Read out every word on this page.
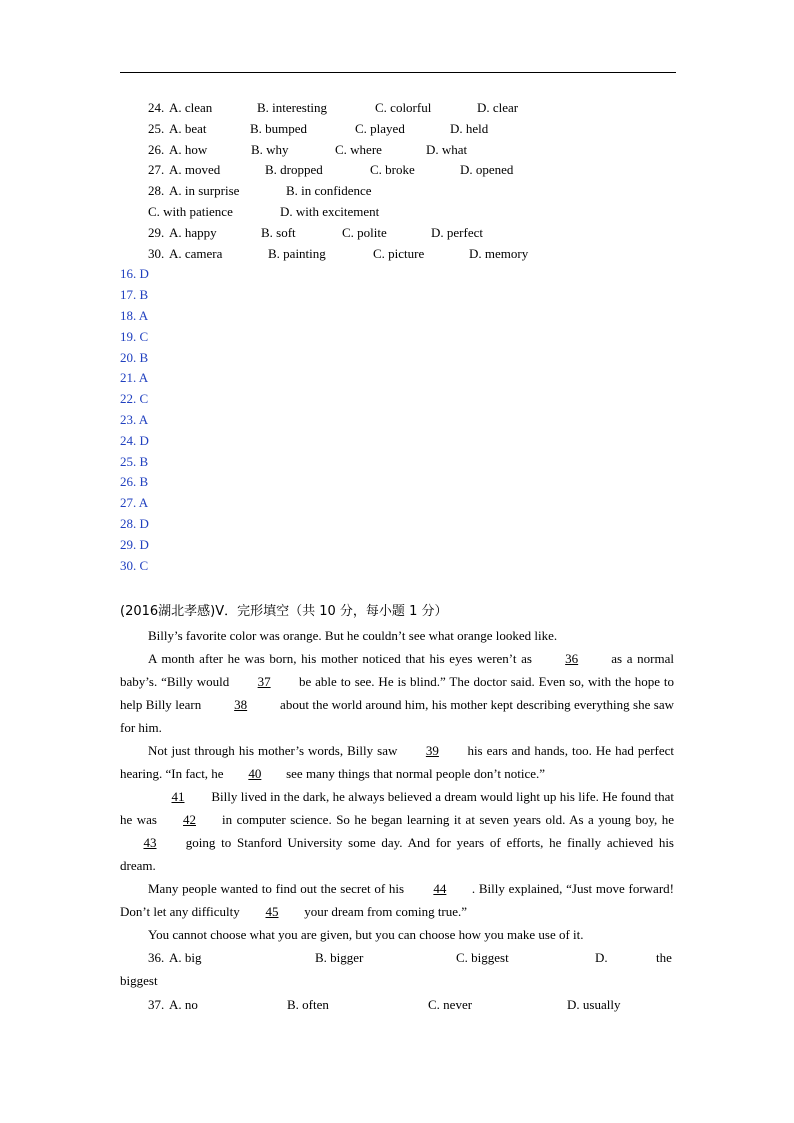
24. A. clean	B. interesting	C. colorful	D. clear
25. A. beat	B. bumped	C. played	D. held
26. A. how	B. why	C. where	D. what
27. A. moved	B. dropped	C. broke	D. opened
28. A. in surprise	B. in confidence
C. with patience	D. with excitement
29. A. happy	B. soft	C. polite	D. perfect
30. A. camera	B. painting	C. picture	D. memory
16. D
17. B
18. A
19. C
20. B
21. A
22. C
23. A
24. D
25. B
26. B
27. A
28. D
29. D
30. C
(2016湖北孝感)V．完形填空（共 10 分，每小题 1 分）

Billy’s favorite color was orange. But he couldn’t see what orange looked like.

A month after he was born, his mother noticed that his eyes weren’t as 36 as a normal baby’s. “Billy would 37 be able to see. He is blind.” The doctor said. Even so, with the hope to help Billy learn 38 about the world around him, his mother kept describing everything she saw for him.

Not just through his mother’s words, Billy saw 39 his ears and hands, too. He had perfect hearing. “In fact, he 40 see many things that normal people don’t notice.”

41 Billy lived in the dark, he always believed a dream would light up his life. He found that he was 42 in computer science. So he began learning it at seven years old. As a young boy, he 43 going to Stanford University some day. And for years of efforts, he finally achieved his dream.

Many people wanted to find out the secret of his 44 . Billy explained, “Just move forward! Don’t let any difficulty 45 your dream from coming true.”

You cannot choose what you are given, but you can choose how you make use of it.

36. A. big	B. bigger	C. biggest	D.	the
biggest
37. A. no	B. often	C. never	D. usually
